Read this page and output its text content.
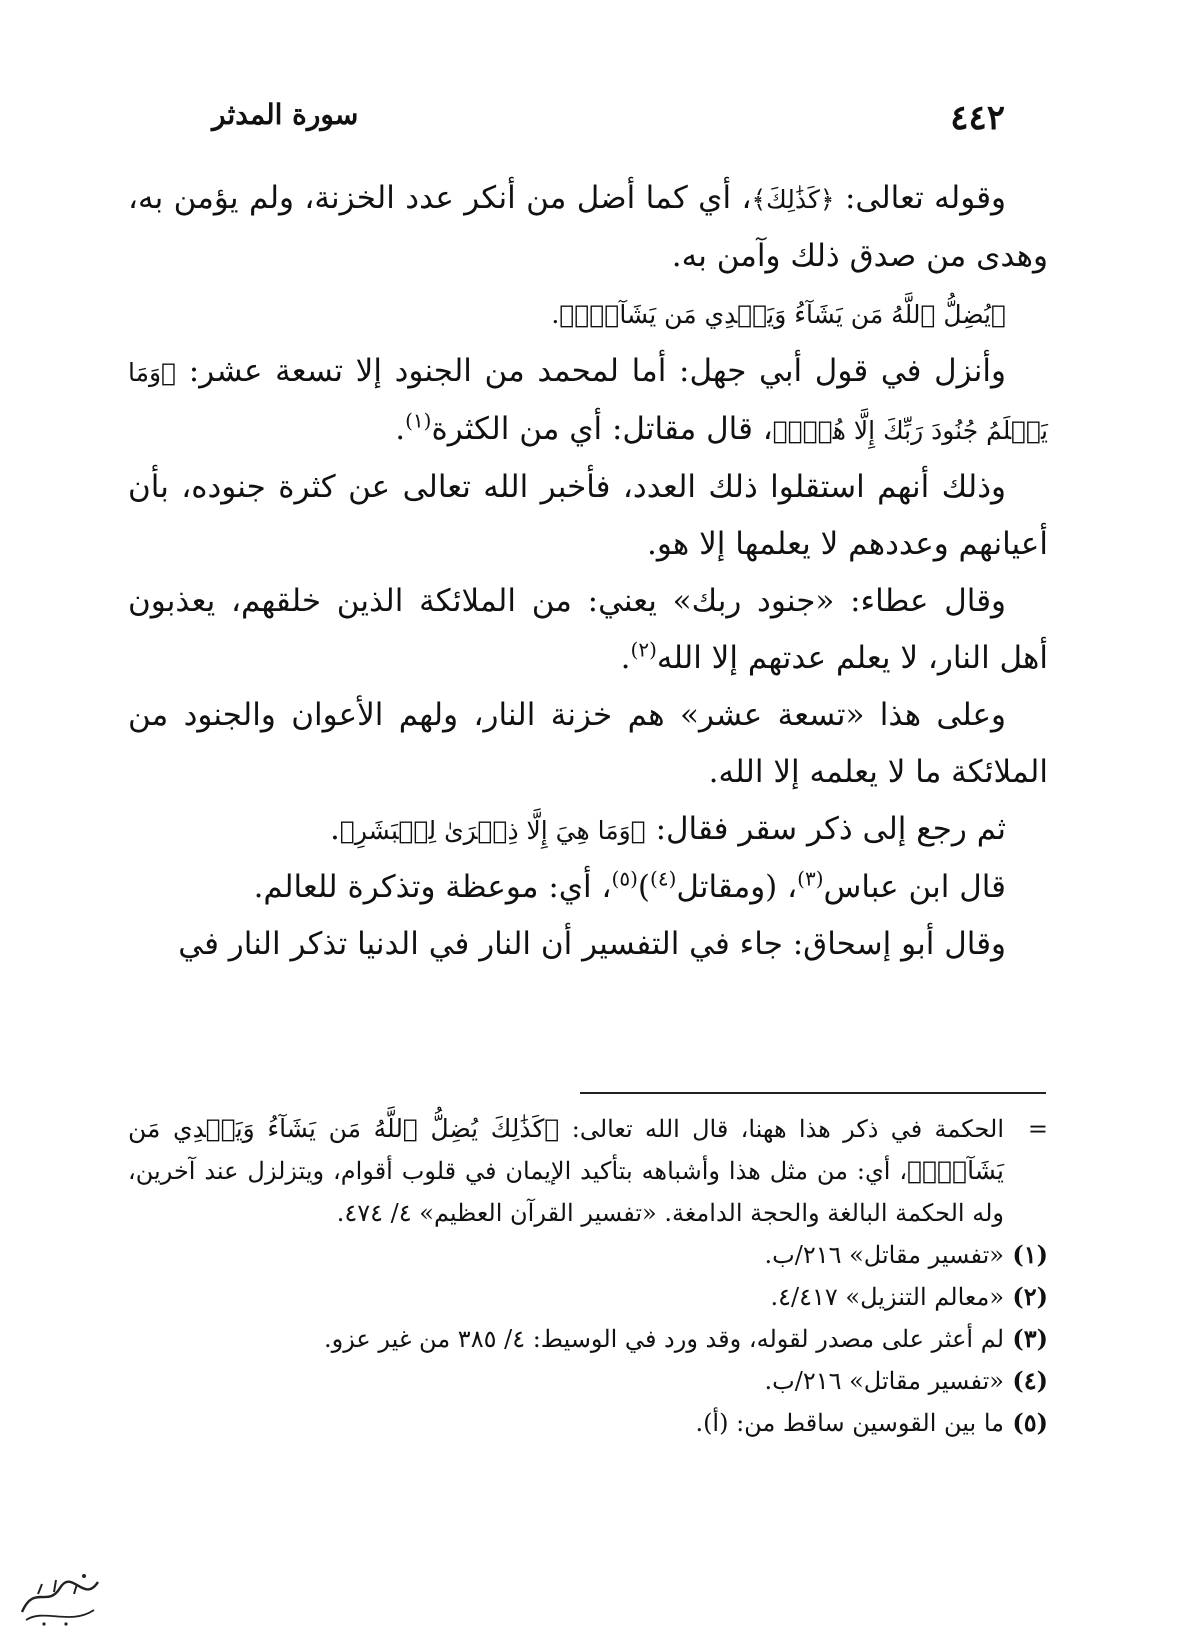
٤٤٢
سورة المدثر

وقوله تعالى: ﴿كَذَٰلِكَ﴾، أي كما أضل من أنكر عدد الخزنة، ولم يؤمن به، وهدى من صدق ذلك وآمن به.

﴿يُضِلُّ ٱللَّهُ مَن يَشَآءُ وَيَهۡدِي مَن يَشَآءُۚ﴾.

وأنزل في قول أبي جهل: أما لمحمد من الجنود إلا تسعة عشر: ﴿وَمَا يَعۡلَمُ جُنُودَ رَبِّكَ إِلَّا هُوَۚ﴾، قال مقاتل: أي من الكثرة$^{(١)}$.

وذلك أنهم استقلوا ذلك العدد، فأخبر الله تعالى عن كثرة جنوده، بأن أعيانهم وعددهم لا يعلمها إلا هو.

وقال عطاء: «جنود ربك» يعني: من الملائكة الذين خلقهم، يعذبون أهل النار، لا يعلم عدتهم إلا الله$^{(٢)}$.

وعلى هذا «تسعة عشر» هم خزنة النار، ولهم الأعوان والجنود من الملائكة ما لا يعلمه إلا الله.

ثم رجع إلى ذكر سقر فقال: ﴿وَمَا هِيَ إِلَّا ذِكۡرَىٰ لِلۡبَشَرِ﴾.

قال ابن عباس$^{(٣)}$، (ومقاتل$^{(٤)}$)$^{(٥)}$، أي: موعظة وتذكرة للعالم.

وقال أبو إسحاق: جاء في التفسير أن النار في الدنيا تذكر النار في

=
الحكمة في ذكر هذا ههنا، قال الله تعالى: ﴿كَذَٰلِكَ يُضِلُّ ٱللَّهُ مَن يَشَآءُ وَيَهۡدِي مَن يَشَآءُۚ﴾، أي: من مثل هذا وأشباهه بتأكيد الإيمان في قلوب أقوام، ويتزلزل عند آخرين، وله الحكمة البالغة والحجة الدامغة. «تفسير القرآن العظيم» ٤/ ٤٧٤.
(١)
«تفسير مقاتل» ٢١٦/ب.
(٢)
«معالم التنزيل» ٤/٤١٧.
(٣)
لم أعثر على مصدر لقوله، وقد ورد في الوسيط: ٤/ ٣٨٥ من غير عزو.
(٤)
«تفسير مقاتل» ٢١٦/ب.
(٥)
ما بين القوسين ساقط من: (أ).
